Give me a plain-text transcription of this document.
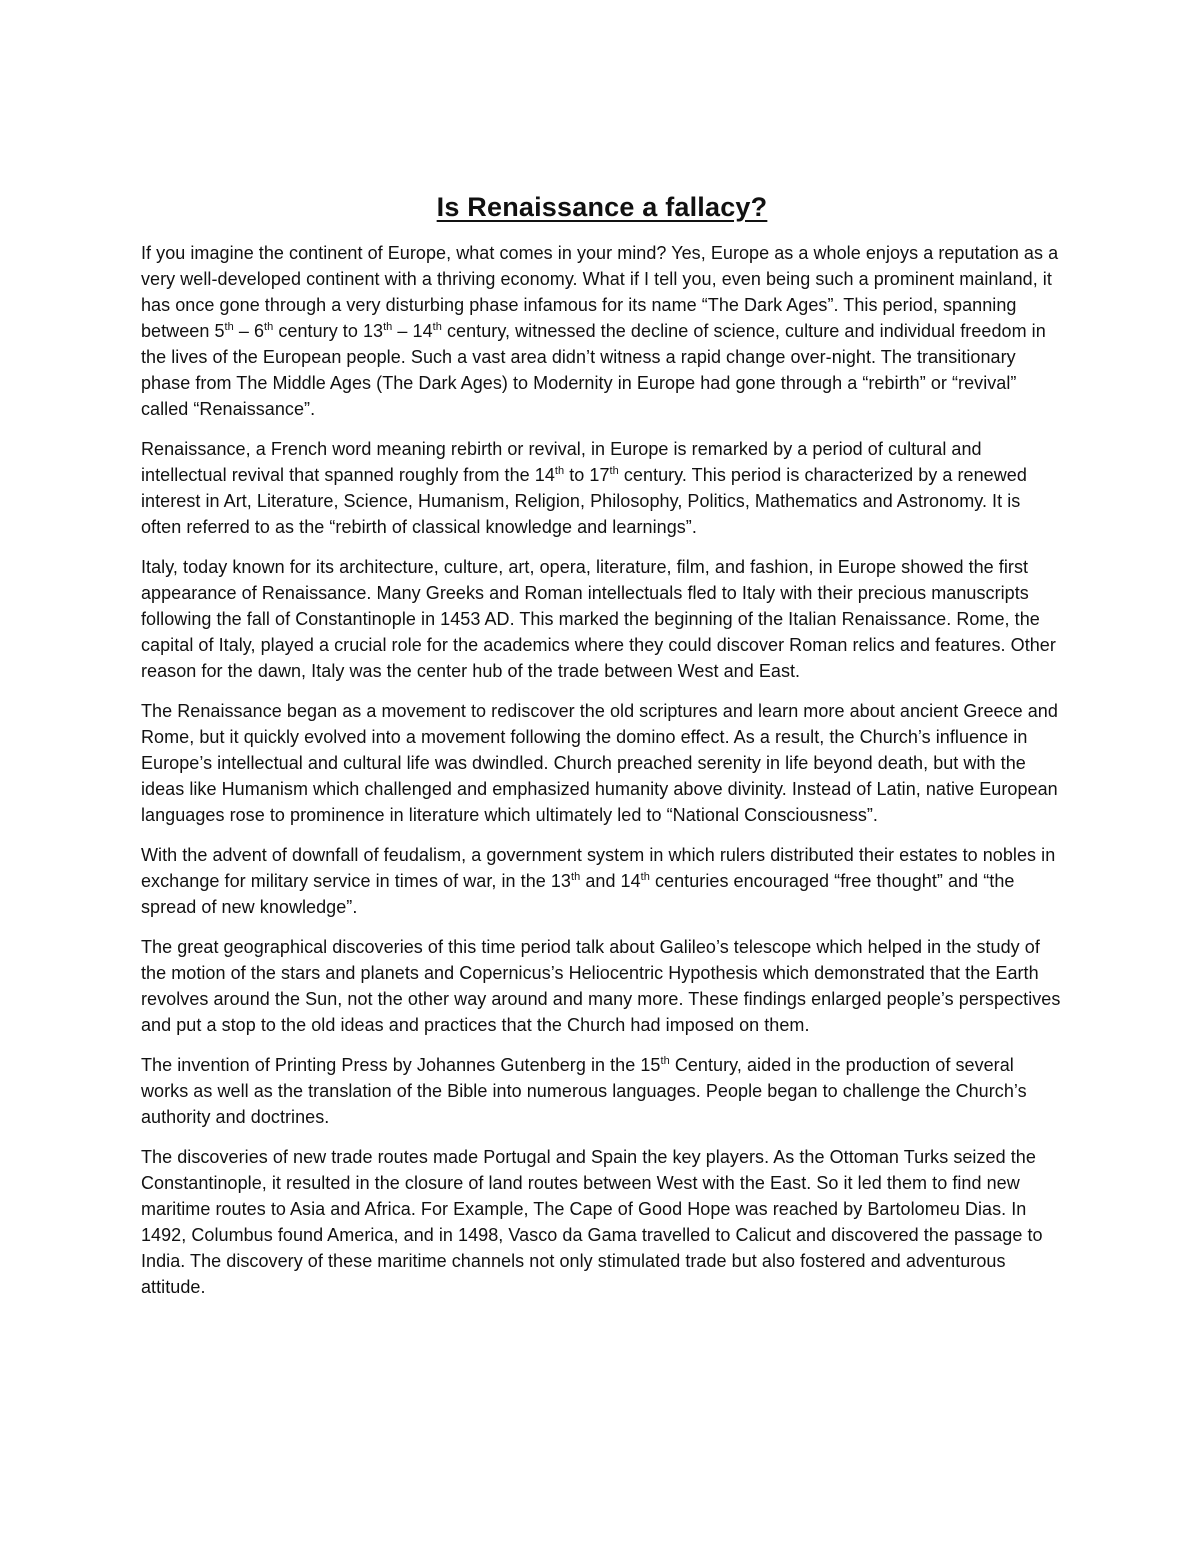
Is Renaissance a fallacy?

If you imagine the continent of Europe, what comes in your mind? Yes, Europe as a whole enjoys a reputation as a very well-developed continent with a thriving economy. What if I tell you, even being such a prominent mainland, it has once gone through a very disturbing phase infamous for its name “The Dark Ages”. This period, spanning between 5th – 6th century to 13th – 14th century, witnessed the decline of science, culture and individual freedom in the lives of the European people. Such a vast area didn’t witness a rapid change over-night. The transitionary phase from The Middle Ages (The Dark Ages) to Modernity in Europe had gone through a “rebirth” or “revival” called “Renaissance”.

Renaissance, a French word meaning rebirth or revival, in Europe is remarked by a period of cultural and intellectual revival that spanned roughly from the 14th to 17th century. This period is characterized by a renewed interest in Art, Literature, Science, Humanism, Religion, Philosophy, Politics, Mathematics and Astronomy. It is often referred to as the “rebirth of classical knowledge and learnings”.

Italy, today known for its architecture, culture, art, opera, literature, film, and fashion, in Europe showed the first appearance of Renaissance. Many Greeks and Roman intellectuals fled to Italy with their precious manuscripts following the fall of Constantinople in 1453 AD. This marked the beginning of the Italian Renaissance. Rome, the capital of Italy, played a crucial role for the academics where they could discover Roman relics and features. Other reason for the dawn, Italy was the center hub of the trade between West and East.

The Renaissance began as a movement to rediscover the old scriptures and learn more about ancient Greece and Rome, but it quickly evolved into a movement following the domino effect. As a result, the Church’s influence in Europe’s intellectual and cultural life was dwindled. Church preached serenity in life beyond death, but with the ideas like Humanism which challenged and emphasized humanity above divinity. Instead of Latin, native European languages rose to prominence in literature which ultimately led to “National Consciousness”.

With the advent of downfall of feudalism, a government system in which rulers distributed their estates to nobles in exchange for military service in times of war, in the 13th and 14th centuries encouraged “free thought” and “the spread of new knowledge”.

The great geographical discoveries of this time period talk about Galileo’s telescope which helped in the study of the motion of the stars and planets and Copernicus’s Heliocentric Hypothesis which demonstrated that the Earth revolves around the Sun, not the other way around and many more. These findings enlarged people’s perspectives and put a stop to the old ideas and practices that the Church had imposed on them.

The invention of Printing Press by Johannes Gutenberg in the 15th Century, aided in the production of several works as well as the translation of the Bible into numerous languages. People began to challenge the Church’s authority and doctrines.

The discoveries of new trade routes made Portugal and Spain the key players. As the Ottoman Turks seized the Constantinople, it resulted in the closure of land routes between West with the East. So it led them to find new maritime routes to Asia and Africa. For Example, The Cape of Good Hope was reached by Bartolomeu Dias. In 1492, Columbus found America, and in 1498, Vasco da Gama travelled to Calicut and discovered the passage to India. The discovery of these maritime channels not only stimulated trade but also fostered and adventurous attitude.
